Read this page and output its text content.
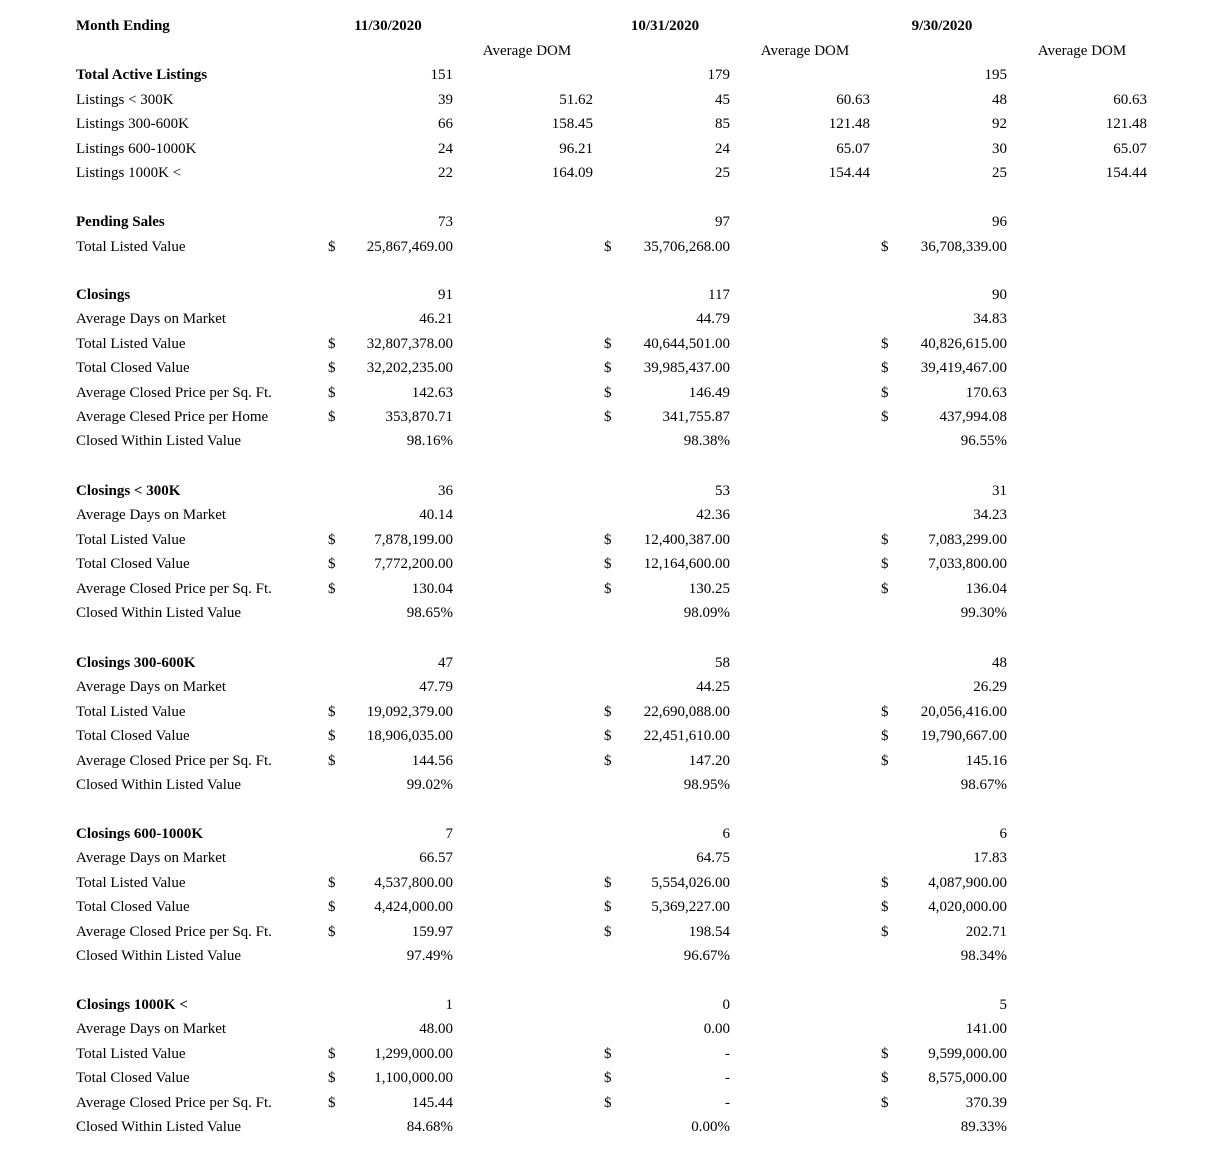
Month Ending	11/30/2020	10/31/2020	9/30/2020
Average DOM	Average DOM	Average DOM
Total Active Listings	151	179	195
Listings < 300K	39	51.62	45	60.63	48	60.63
Listings 300-600K	66	158.45	85	121.48	92	121.48
Listings 600-1000K	24	96.21	24	65.07	30	65.07
Listings 1000K <	22	164.09	25	154.44	25	154.44
Pending Sales	73	97	96
Total Listed Value	$ 25,867,469.00	$ 35,706,268.00	$ 36,708,339.00
Closings	91	117	90
Average Days on Market	46.21	44.79	34.83
Total Listed Value	$ 32,807,378.00	$ 40,644,501.00	$ 40,826,615.00
Total Closed Value	$ 32,202,235.00	$ 39,985,437.00	$ 39,419,467.00
Average Closed Price per Sq. Ft.	$	142.63	$	146.49	$	170.63
Average Clesed Price per Home	$	353,870.71	$	341,755.87	$	437,994.08
Closed Within Listed Value	98.16%	98.38%	96.55%
Closings < 300K	36	53	31
Average Days on Market	40.14	42.36	34.23
Total Listed Value	$	7,878,199.00	$ 12,400,387.00	$	7,083,299.00
Total Closed Value	$	7,772,200.00	$ 12,164,600.00	$	7,033,800.00
Average Closed Price per Sq. Ft.	$	130.04	$	130.25	$	136.04
Closed Within Listed Value	98.65%	98.09%	99.30%
Closings 300-600K	47	58	48
Average Days on Market	47.79	44.25	26.29
Total Listed Value	$ 19,092,379.00	$ 22,690,088.00	$ 20,056,416.00
Total Closed Value	$ 18,906,035.00	$ 22,451,610.00	$ 19,790,667.00
Average Closed Price per Sq. Ft.	$	144.56	$	147.20	$	145.16
Closed Within Listed Value	99.02%	98.95%	98.67%
Closings 600-1000K	7	6	6
Average Days on Market	66.57	64.75	17.83
Total Listed Value	$	4,537,800.00	$	5,554,026.00	$	4,087,900.00
Total Closed Value	$	4,424,000.00	$	5,369,227.00	$	4,020,000.00
Average Closed Price per Sq. Ft.	$	159.97	$	198.54	$	202.71
Closed Within Listed Value	97.49%	96.67%	98.34%
Closings 1000K <	1	0	5
Average Days on Market	48.00	0.00	141.00
Total Listed Value	$	1,299,000.00	$	-	$	9,599,000.00
Total Closed Value	$	1,100,000.00	$	-	$	8,575,000.00
Average Closed Price per Sq. Ft.	$	145.44	$	-	$	370.39
Closed Within Listed Value	84.68%	0.00%	89.33%
